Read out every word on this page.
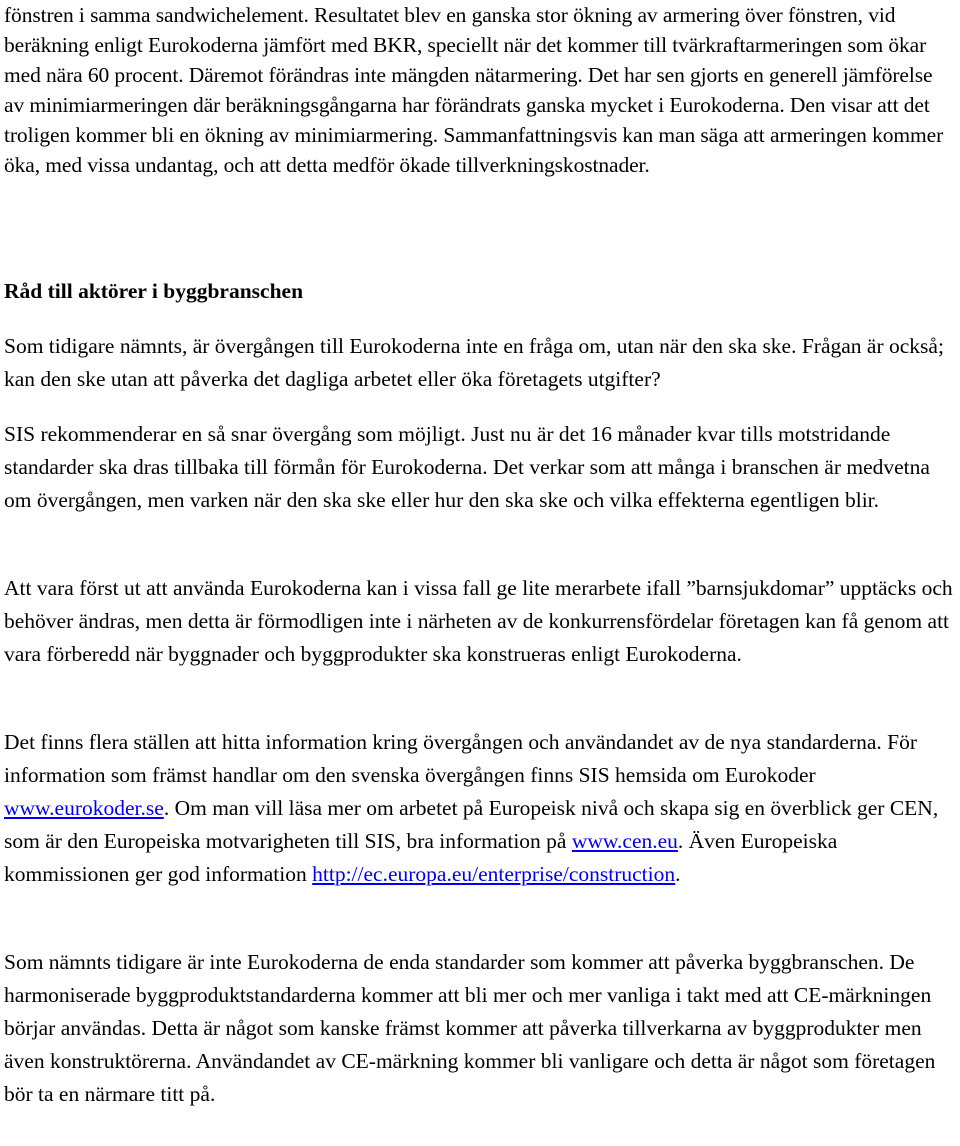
fönstren i samma sandwichelement. Resultatet blev en ganska stor ökning av armering över fönstren, vid beräkning enligt Eurokoderna jämfört med BKR, speciellt när det kommer till tvärkraftarmeringen som ökar med nära 60 procent. Däremot förändras inte mängden nätarmering. Det har sen gjorts en generell jämförelse av minimiarmeringen där beräkningsgångarna har förändrats ganska mycket i Eurokoderna. Den visar att det troligen kommer bli en ökning av minimiarmering. Sammanfattningsvis kan man säga att armeringen kommer öka, med vissa undantag, och att detta medför ökade tillverkningskostnader.

Råd till aktörer i byggbranschen

Som tidigare nämnts, är övergången till Eurokoderna inte en fråga om, utan när den ska ske. Frågan är också; kan den ske utan att påverka det dagliga arbetet eller öka företagets utgifter?

SIS rekommenderar en så snar övergång som möjligt. Just nu är det 16 månader kvar tills motstridande standarder ska dras tillbaka till förmån för Eurokoderna. Det verkar som att många i branschen är medvetna om övergången, men varken när den ska ske eller hur den ska ske och vilka effekterna egentligen blir.

Att vara först ut att använda Eurokoderna kan i vissa fall ge lite merarbete ifall ”barnsjukdomar” upptäcks och behöver ändras, men detta är förmodligen inte i närheten av de konkurrensfördelar företagen kan få genom att vara förberedd när byggnader och byggprodukter ska konstrueras enligt Eurokoderna.

Det finns flera ställen att hitta information kring övergången och användandet av de nya standarderna. För information som främst handlar om den svenska övergången finns SIS hemsida om Eurokoder www.eurokoder.se. Om man vill läsa mer om arbetet på Europeisk nivå och skapa sig en överblick ger CEN, som är den Europeiska motvarigheten till SIS, bra information på www.cen.eu. Även Europeiska kommissionen ger god information http://ec.europa.eu/enterprise/construction.

Som nämnts tidigare är inte Eurokoderna de enda standarder som kommer att påverka byggbranschen. De harmoniserade byggproduktstandarderna kommer att bli mer och mer vanliga i takt med att CE-märkningen börjar användas. Detta är något som kanske främst kommer att påverka tillverkarna av byggprodukter men även konstruktörerna. Användandet av CE-märkning kommer bli vanligare och detta är något som företagen bör ta en närmare titt på.
